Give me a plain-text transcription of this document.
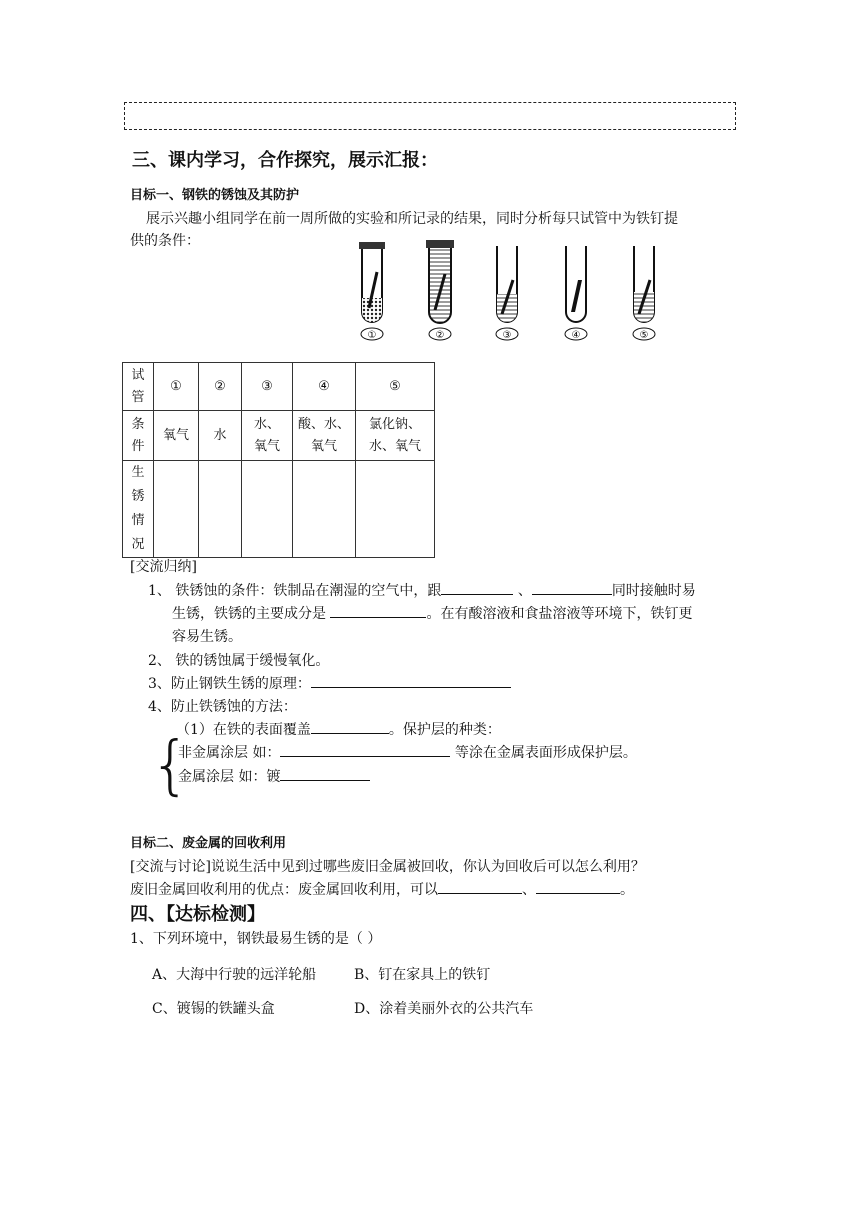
三、课内学习，合作探究，展示汇报：
目标一、钢铁的锈蚀及其防护
展示兴趣小组同学在前一周所做的实验和所记录的结果，同时分析每只试管中为铁钉提
供的条件：
①	②	③	④	⑤
试管	①	②	③	④	⑤

条件	氧气	水	水、氧气	酸、水、氧气	氯化钠、水、氧气

生锈情况					

[交流归纳]
1、 铁锈蚀的条件：铁制品在潮湿的空气中，跟	、	同时接触时易
生锈，铁锈的主要成分是	。在有酸溶液和食盐溶液等环境下，铁钉更
容易生锈。
2、 铁的锈蚀属于缓慢氧化。
3、防止钢铁生锈的原理：
4、防止铁锈蚀的方法：
（1）在铁的表面覆盖	。保护层的种类：
{
非金属涂层 如：	等涂在金属表面形成保护层。
金属涂层 如：镀
目标二、废金属的回收利用
[交流与讨论]说说生活中见到过哪些废旧金属被回收，你认为回收后可以怎么利用？
废旧金属回收利用的优点：废金属回收利用，可以	、	。
四、【达标检测】
1、下列环境中，钢铁最易生锈的是（ ）
A、大海中行驶的远洋轮船	B、钉在家具上的铁钉
C、镀锡的铁罐头盒	D、涂着美丽外衣的公共汽车
